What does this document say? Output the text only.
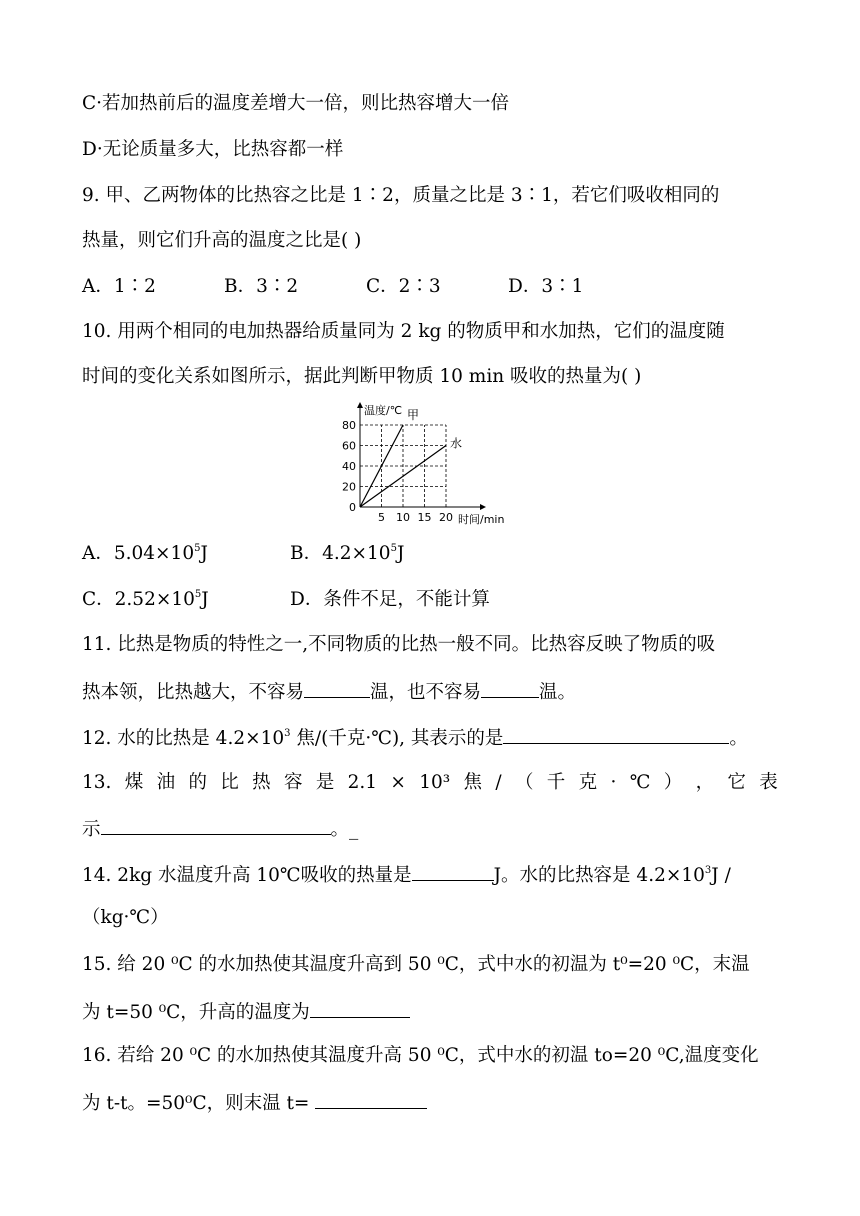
C·若加热前后的温度差增大一倍，则比热容增大一倍
D·无论质量多大，比热容都一样
9. 甲、乙两物体的比热容之比是 1∶2，质量之比是 3∶1，若它们吸收相同的
热量，则它们升高的温度之比是( )
A．1∶2	B．3∶2	C．2∶3	D．3∶1
10. 用两个相同的电加热器给质量同为 2 kg 的物质甲和水加热，它们的温度随
时间的变化关系如图所示，据此判断甲物质 10 min 吸收的热量为( )
5 10 15 20
0
20
40
60
80
温度/℃
时间/min
甲
水
A．$5.04\times 10^5J$	B．$4.2\times 10^5J$
C．$2.52\times 10^5J$	D．条件不足，不能计算
11. 比热是物质的特性之一,不同物质的比热一般不同。比热容反映了物质的吸
热本领，比热越大，不容易	温，也不容易	温。
12. 水的比热是 $4.2\times 10^3$ 焦/(千克·℃), 其表示的是	。
13. 煤 油 的 比 热 容 是 2.1 × 10³ 焦 / （ 千 克 · ℃ ） ， 它 表
示	。_
14. 2kg 水温度升高 10℃吸收的热量是	J。水的比热容是 $4.2\times 10^3J$ /
（kg·℃）
15. 给 20 ⁰C 的水加热使其温度升高到 50 ⁰C，式中水的初温为 t⁰=20 ⁰C，末温
为 t=50 ⁰C，升高的温度为
16. 若给 20 ⁰C 的水加热使其温度升高 50 ⁰C，式中水的初温 to=20 ⁰C,温度变化
为 t-t。=50⁰C，则末温 t=
